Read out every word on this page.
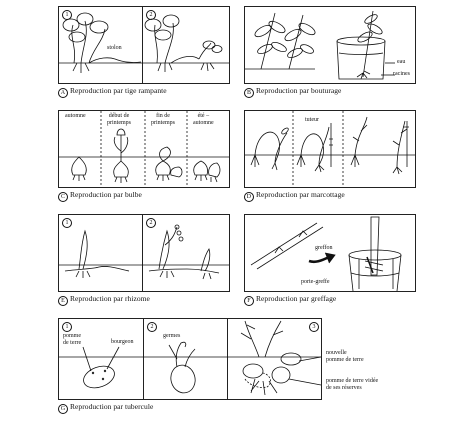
1	2
stolon
A Reproduction par tige rampante
eau
racines
B Reproduction par bouturage
automne	début de
printemps
fin de
printemps
été –
automne
C Reproduction par bulbe
tuteur
D Reproduction par marcottage
1	2
E Reproduction par rhizome
greffon
porte-greffe
F Reproduction par greffage
1	2	3
pomme
de terre	bourgeon
germes
nouvelle
pomme de terre
pomme de terre vidée
de ses réserves
G Reproduction par tubercule
